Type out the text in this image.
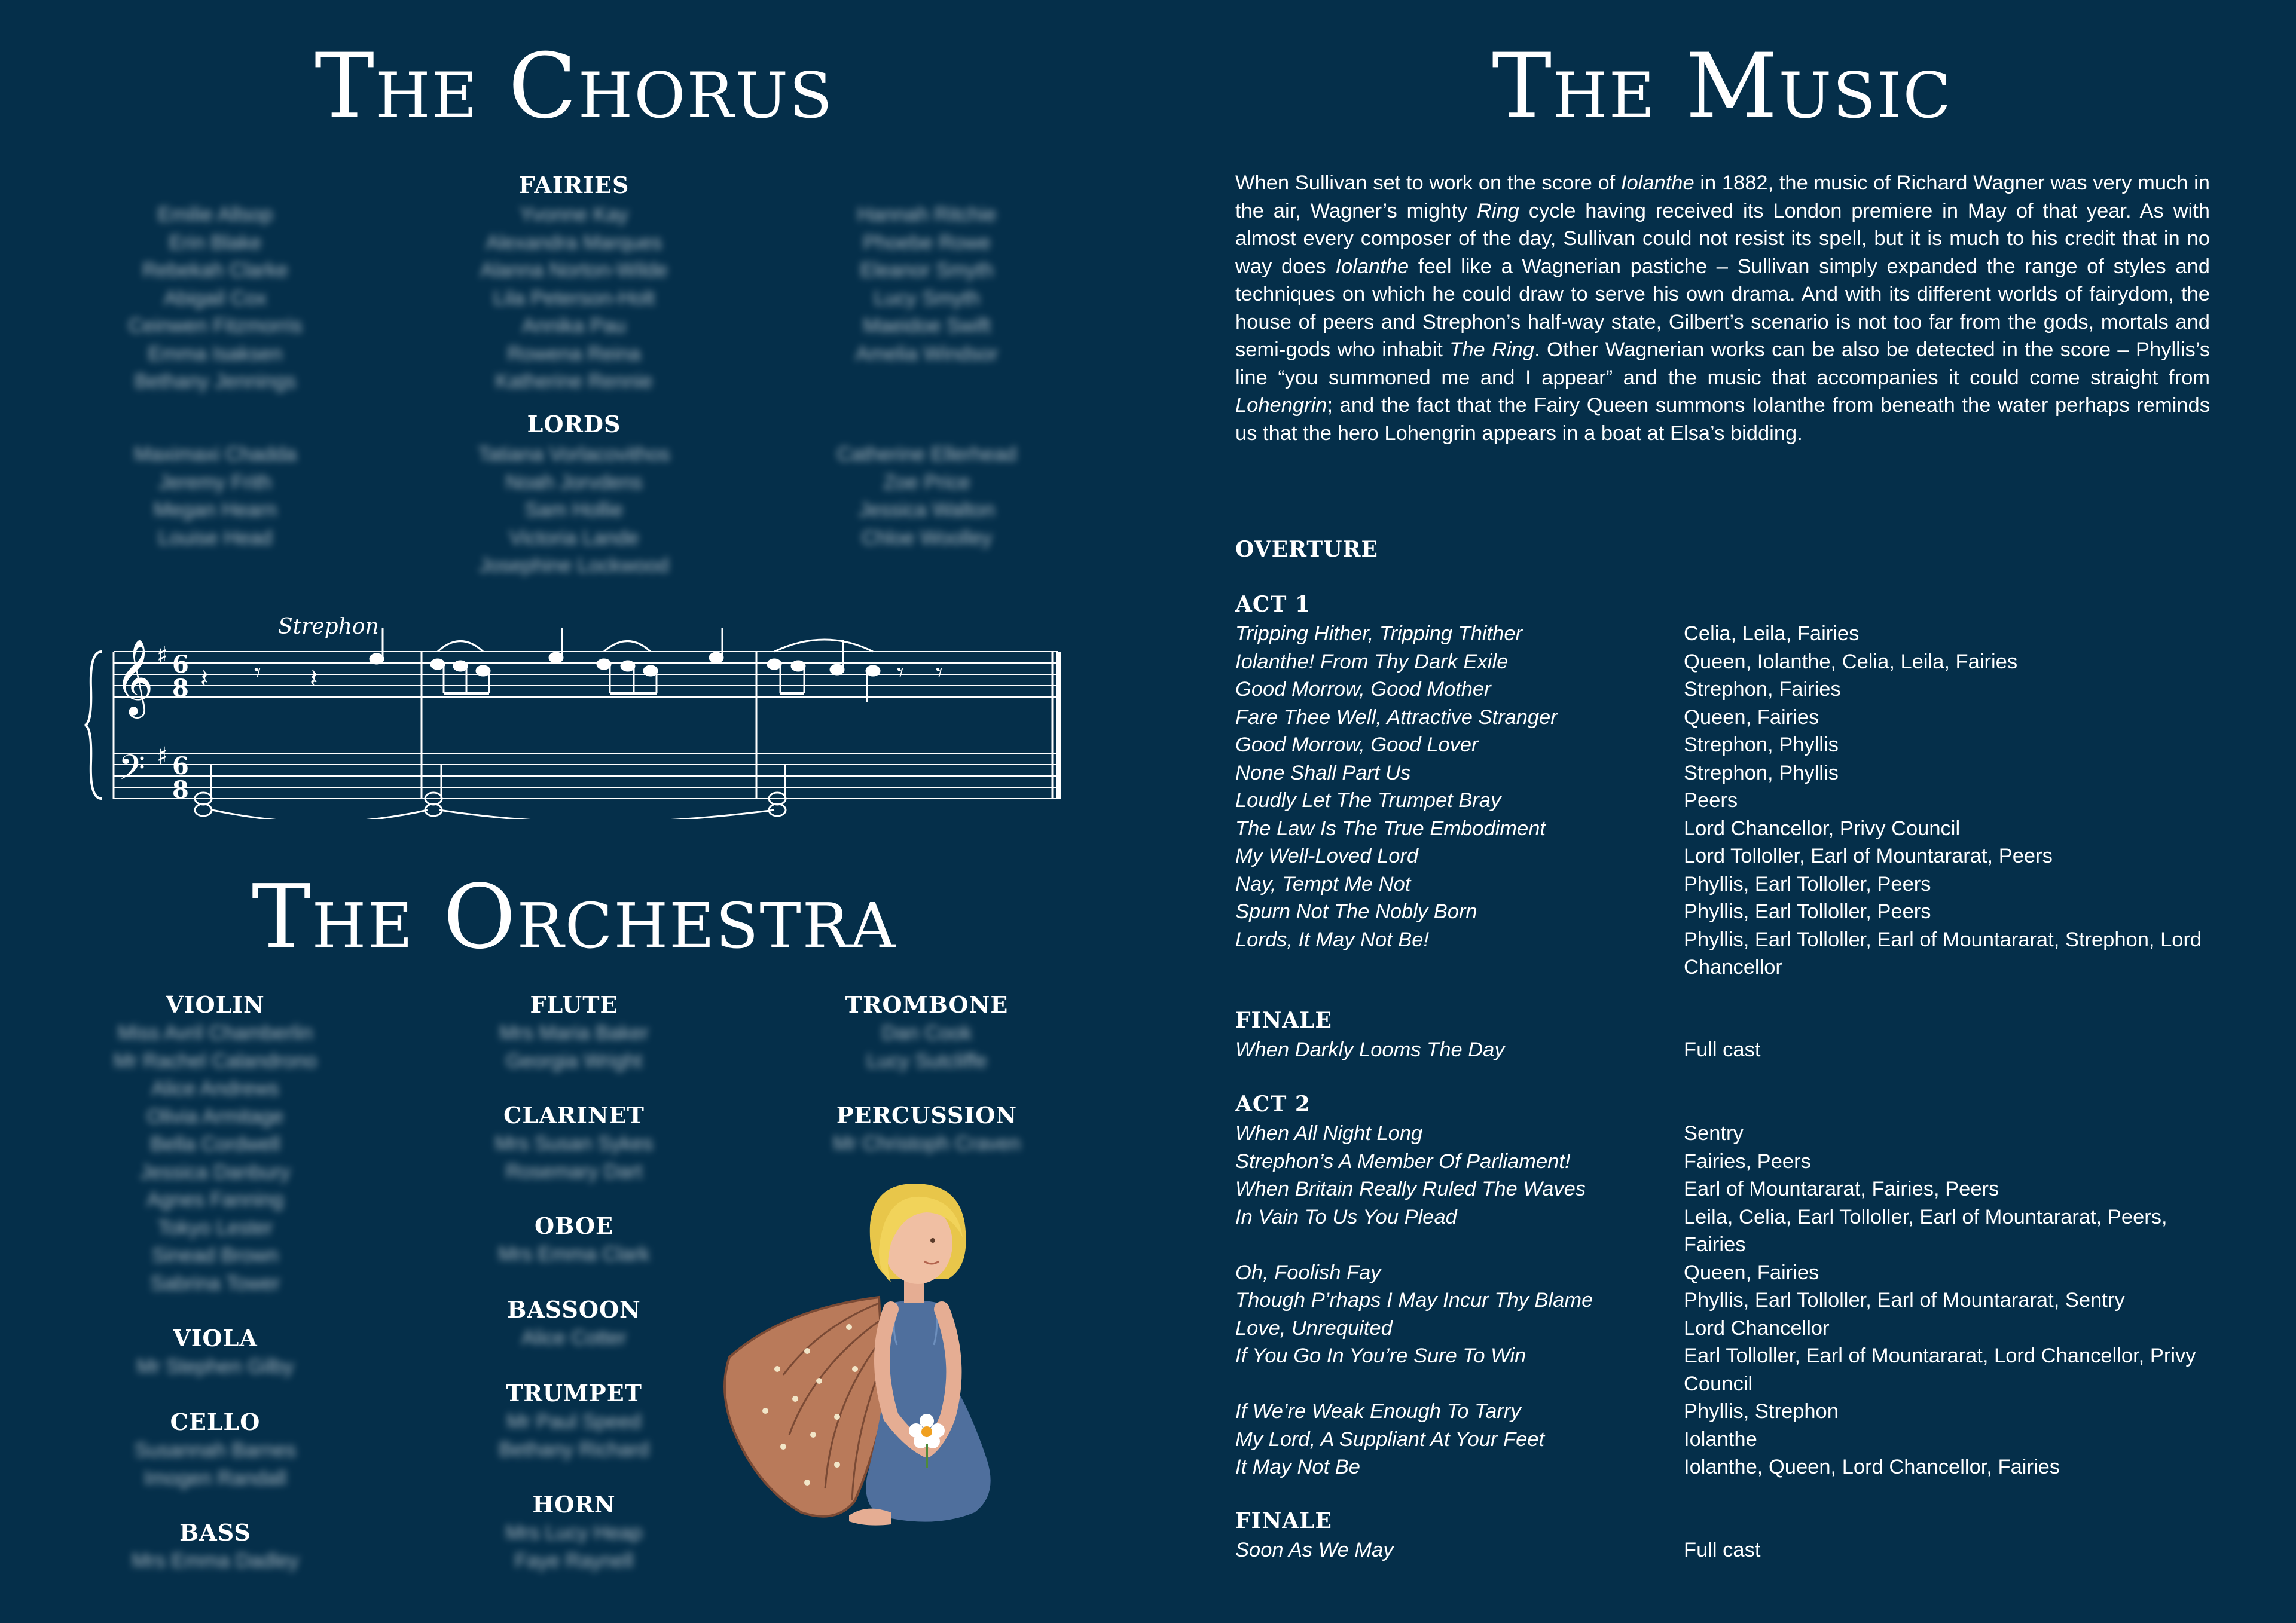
The Chorus
FAIRIES
Emilie Allsop
Erin Blake
Rebekah Clarke
Abigail Cox
Ceinwen Fitzmorris
Emma Isaksen
Bethany Jennings
Yvonne Kay
Alexandra Marques
Alanna Norton-Wilde
Lila Peterson-Holt
Annika Pau
Rowena Reina
Katherine Rennie
Hannah Ritchie
Phoebe Rowe
Eleanor Smyth
Lucy Smyth
Maeidoe Swift
Amelia Windsor
LORDS
Maximaxi Chadda
Jeremy Frith
Megan Hearn
Louise Head
Tatiana Vorlacovithos
Noah Jorvdens
Sam Hollie
Victoria Lande
Josephine Lockwood
Catherine Ellerhead
Zoe Price
Jessica Walton
Chloe Woolley
Strephon
𝄞
𝄢
♯
♯
6
8
6
8
𝄽 𝄾 𝄽	𝄾 𝄾
The Orchestra
VIOLIN
Miss Avril Chamberlin
Mr Rachel Calandrono
Alice Andrews
Olivia Armitage
Bella Cordwell
Jessica Danbury
Agnes Fanning
Tokyo Lester
Sinead Brown
Sabrina Tower
VIOLA
Mr Stephen Gilby
CELLO
Susannah Barnes
Imogen Randall
BASS
Mrs Emma Dadley
FLUTE
Mrs Maria Baker
Georgia Wright
CLARINET
Mrs Susan Sykes
Rosemary Dart
OBOE
Mrs Emma Clark
BASSOON
Alice Cotter
TRUMPET
Mr Paul Speed
Bethany Richard
HORN
Mrs Lucy Heap
Faye Raynell
TROMBONE
Dan Cook
Lucy Sutcliffe
PERCUSSION
Mr Christoph Craven
The Music
When Sullivan set to work on the score of Iolanthe in 1882, the music of Richard Wagner was very much in the air, Wagner’s mighty Ring cycle having received its London premiere in May of that year. As with almost every composer of the day, Sullivan could not resist its spell, but it is much to his credit that in no way does Iolanthe feel like a Wagnerian pastiche – Sullivan simply expanded the range of styles and techniques on which he could draw to serve his own drama. And with its different worlds of fairydom, the house of peers and Strephon’s half-way state, Gilbert’s scenario is not too far from the gods, mortals and semi-gods who inhabit The Ring. Other Wagnerian works can be also be detected in the score – Phyllis’s line “you summoned me and I appear” and the music that accompanies it could come straight from Lohengrin; and the fact that the Fairy Queen summons Iolanthe from beneath the water perhaps reminds us that the hero Lohengrin appears in a boat at Elsa’s bidding.
OVERTURE
ACT 1
FINALE
ACT 2
FINALE
Tripping Hither, Tripping Thither	Celia, Leila, Fairies
Iolanthe! From Thy Dark Exile	Queen, Iolanthe, Celia, Leila, Fairies
Good Morrow, Good Mother	Strephon, Fairies
Fare Thee Well, Attractive Stranger	Queen, Fairies
Good Morrow, Good Lover	Strephon, Phyllis
None Shall Part Us	Strephon, Phyllis
Loudly Let The Trumpet Bray	Peers
The Law Is The True Embodiment	Lord Chancellor, Privy Council
My Well-Loved Lord	Lord Tolloller, Earl of Mountararat, Peers
Nay, Tempt Me Not	Phyllis, Earl Tolloller, Peers
Spurn Not The Nobly Born	Phyllis, Earl Tolloller, Peers
Lords, It May Not Be!	Phyllis, Earl Tolloller, Earl of Mountararat, Strephon, Lord Chancellor
When Darkly Looms The Day	Full cast
When All Night Long	Sentry
Strephon’s A Member Of Parliament!	Fairies, Peers
When Britain Really Ruled The Waves	Earl of Mountararat, Fairies, Peers
In Vain To Us You Plead	Leila, Celia, Earl Tolloller, Earl of Mountararat, Peers, Fairies
Oh, Foolish Fay	Queen, Fairies
Though P’rhaps I May Incur Thy Blame	Phyllis, Earl Tolloller, Earl of Mountararat, Sentry
Love, Unrequited	Lord Chancellor
If You Go In You’re Sure To Win	Earl Tolloller, Earl of Mountararat, Lord Chancellor, Privy Council
If We’re Weak Enough To Tarry	Phyllis, Strephon
My Lord, A Suppliant At Your Feet	Iolanthe
It May Not Be	Iolanthe, Queen, Lord Chancellor, Fairies
Soon As We May	Full cast
